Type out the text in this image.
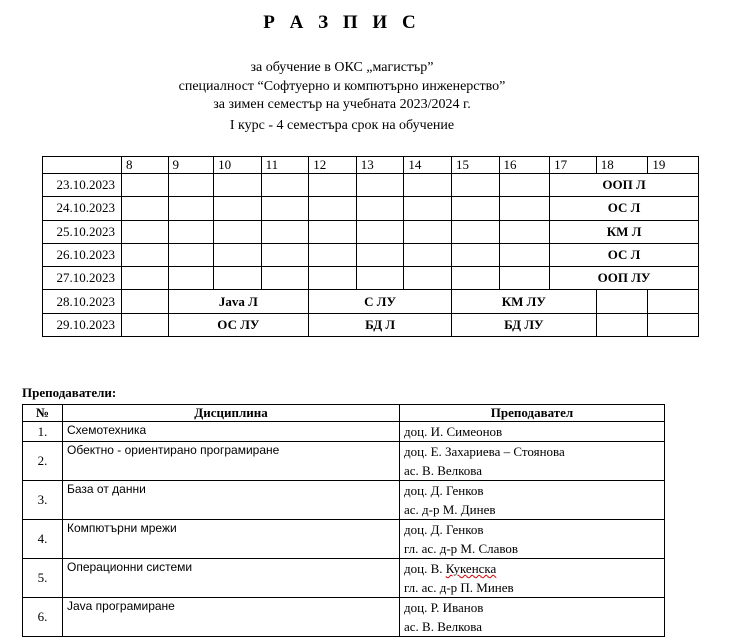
Р А З П И С
за обучение в ОКС „магистър”
специалност “Софтуерно и компютърно инженерство”
за зимен семестър на учебната 2023/2024 г.
I курс - 4 семестъра срок на обучение
	8	9	10	11	12	13	14	15	16	17	18	19
23.10.2023										ООП Л		
24.10.2023										ОС Л		
25.10.2023										КМ Л		
26.10.2023										ОС Л		
27.10.2023										ООП ЛУ		
28.10.2023		Java Л			С ЛУ			КМ ЛУ				
29.10.2023		ОС ЛУ			БД Л			БД ЛУ				
Преподаватели:
№	Дисциплина	Преподавател
1.	Схемотехника	доц. И. Симеонов

2.	Обектно - ориентирано програмиране	доц. Е. Захариева – Стоянова
ас. В. Велкова

3.	База от данни	доц. Д. Генков
ас. д-р М. Динев

4.	Компютърни мрежи	доц. Д. Генков
гл. ас. д-р М. Славов

5.	Операционни системи	доц. В. Кукенска
гл. ас. д-р П. Минев

6.	Java програмиране	доц. Р. Иванов
ас. В. Велкова
